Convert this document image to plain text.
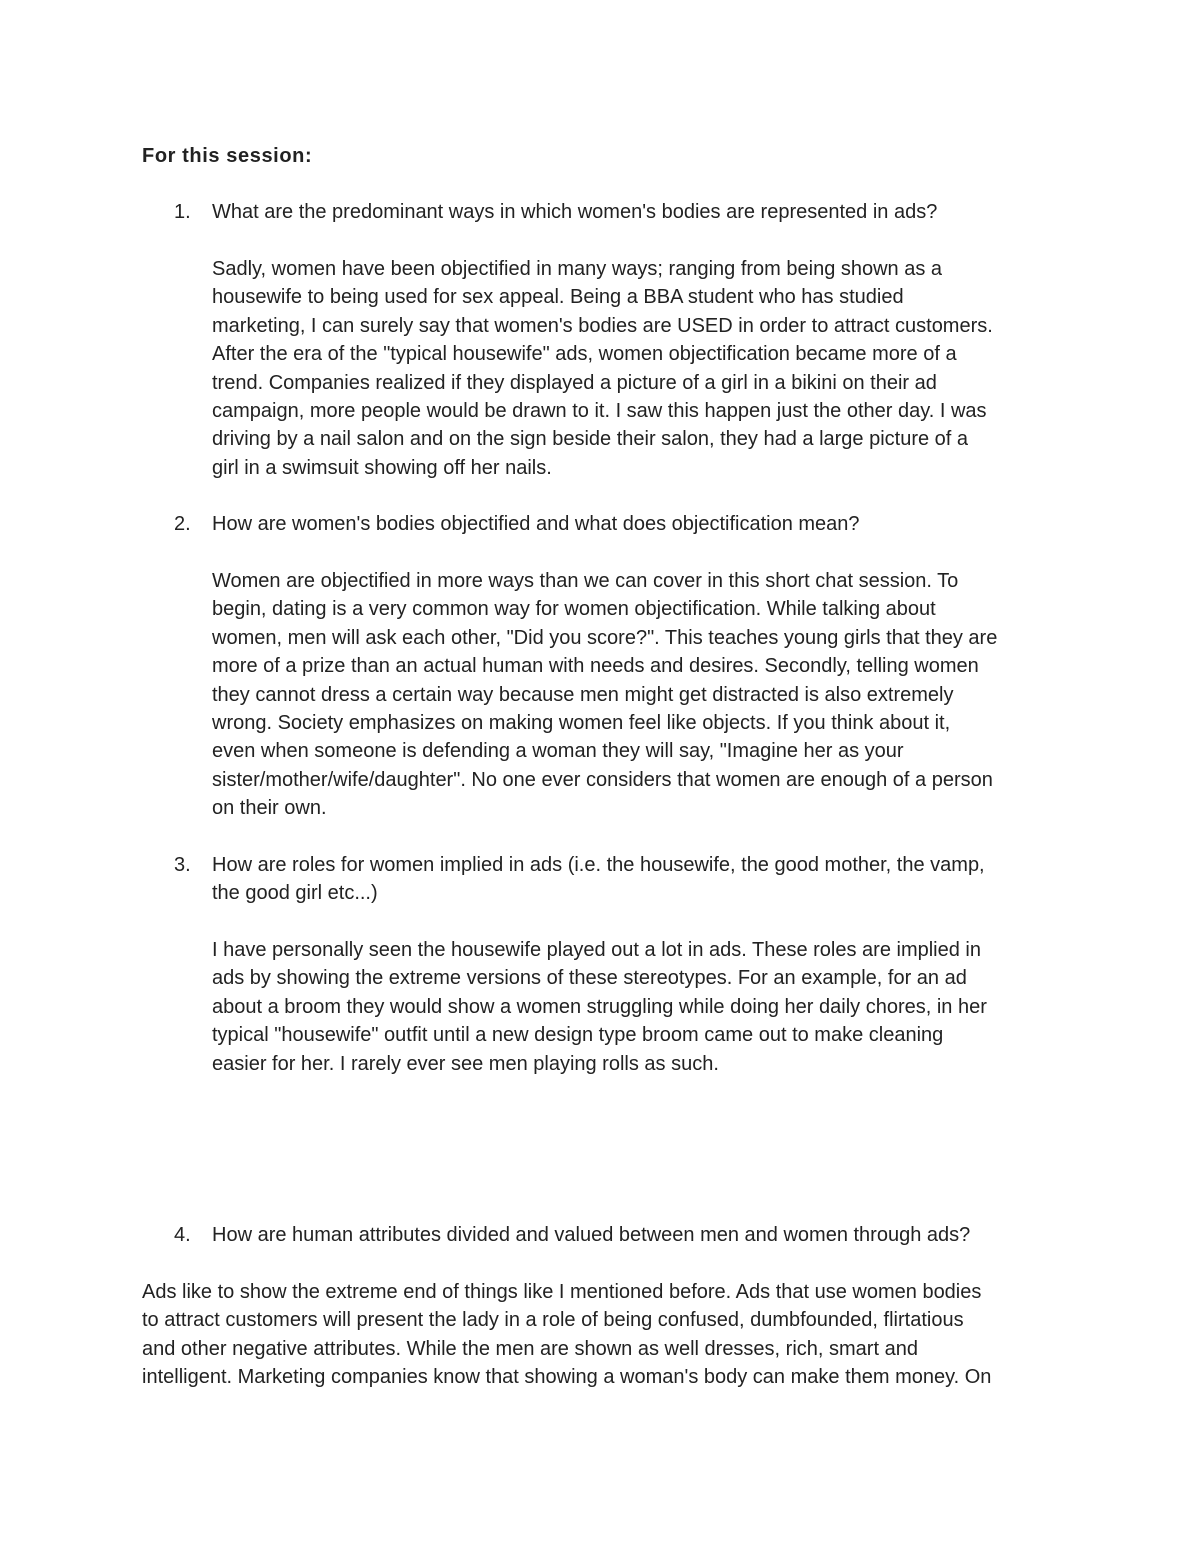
For this session:
1. What are the predominant ways in which women's bodies are represented in ads?

Sadly, women have been objectified in many ways; ranging from being shown as a
housewife to being used for sex appeal. Being a BBA student who has studied
marketing, I can surely say that women's bodies are USED in order to attract customers.
After the era of the "typical housewife" ads, women objectification became more of a
trend. Companies realized if they displayed a picture of a girl in a bikini on their ad
campaign, more people would be drawn to it. I saw this happen just the other day. I was
driving by a nail salon and on the sign beside their salon, they had a large picture of a
girl in a swimsuit showing off her nails.
2. How are women's bodies objectified and what does objectification mean?

Women are objectified in more ways than we can cover in this short chat session. To
begin, dating is a very common way for women objectification. While talking about
women, men will ask each other, "Did you score?". This teaches young girls that they are
more of a prize than an actual human with needs and desires. Secondly, telling women
they cannot dress a certain way because men might get distracted is also extremely
wrong. Society emphasizes on making women feel like objects. If you think about it,
even when someone is defending a woman they will say, "Imagine her as your
sister/mother/wife/daughter". No one ever considers that women are enough of a person
on their own.
3. How are roles for women implied in ads (i.e. the housewife, the good mother, the vamp,
the good girl etc...)
I have personally seen the housewife played out a lot in ads. These roles are implied in
ads by showing the extreme versions of these stereotypes. For an example, for an ad
about a broom they would show a women struggling while doing her daily chores, in her
typical "housewife" outfit until a new design type broom came out to make cleaning
easier for her. I rarely ever see men playing rolls as such.
4. How are human attributes divided and valued between men and women through ads?

Ads like to show the extreme end of things like I mentioned before. Ads that use women bodies
to attract customers will present the lady in a role of being confused, dumbfounded, flirtatious
and other negative attributes. While the men are shown as well dresses, rich, smart and
intelligent. Marketing companies know that showing a woman's body can make them money. On
